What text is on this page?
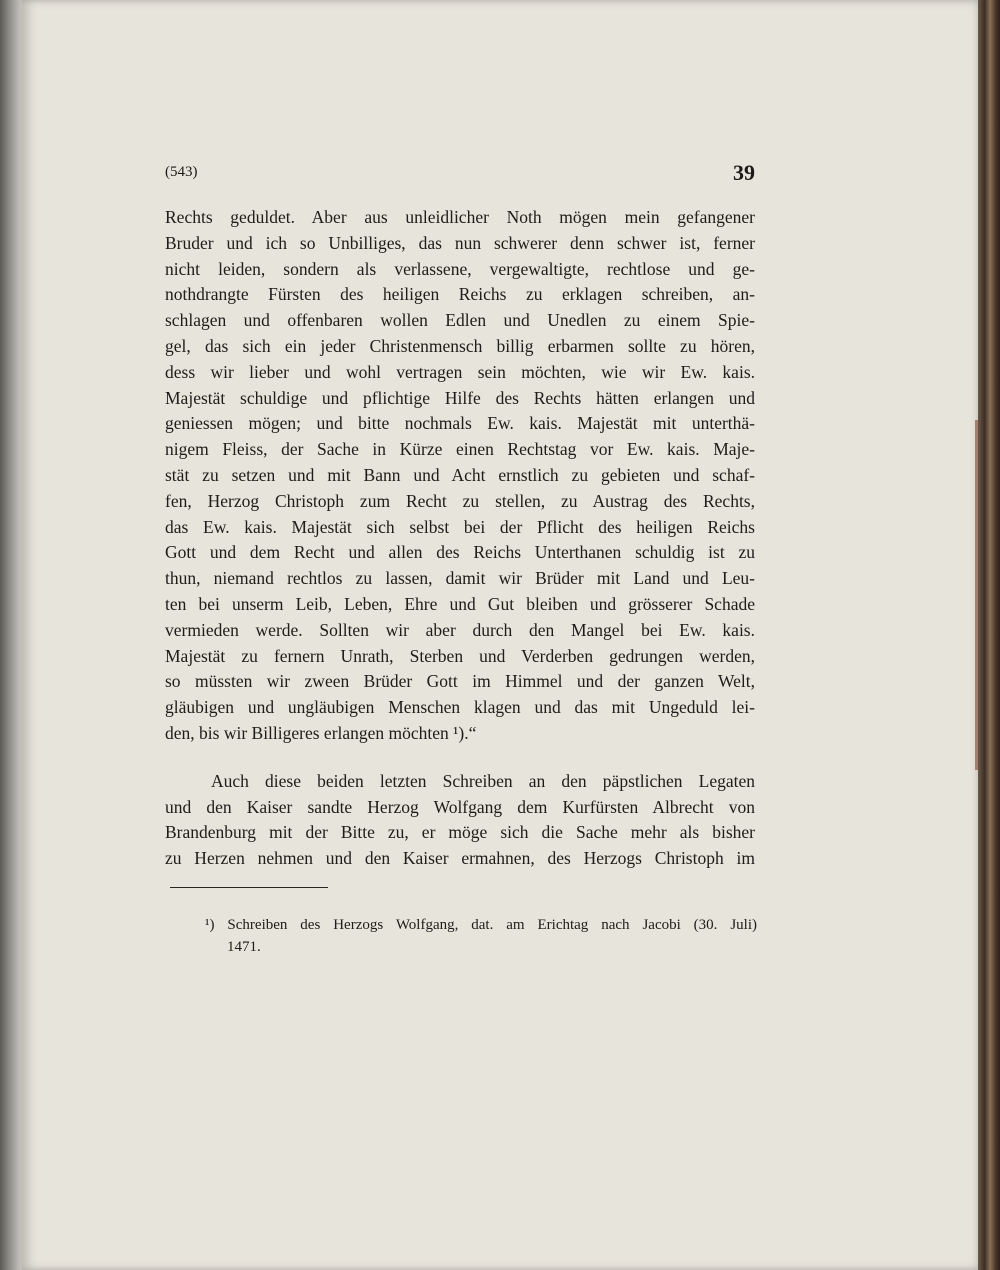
(543)	39
Rechts geduldet. Aber aus unleidlicher Noth mögen mein gefangener
Bruder und ich so Unbilliges, das nun schwerer denn schwer ist, ferner
nicht leiden, sondern als verlassene, vergewaltigte, rechtlose und ge-
nothdrangte Fürsten des heiligen Reichs zu erklagen schreiben, an-
schlagen und offenbaren wollen Edlen und Unedlen zu einem Spie-
gel, das sich ein jeder Christenmensch billig erbarmen sollte zu hören,
dess wir lieber und wohl vertragen sein möchten, wie wir Ew. kais.
Majestät schuldige und pflichtige Hilfe des Rechts hätten erlangen und
geniessen mögen; und bitte nochmals Ew. kais. Majestät mit unterthä-
nigem Fleiss, der Sache in Kürze einen Rechtstag vor Ew. kais. Maje-
stät zu setzen und mit Bann und Acht ernstlich zu gebieten und schaf-
fen, Herzog Christoph zum Recht zu stellen, zu Austrag des Rechts,
das Ew. kais. Majestät sich selbst bei der Pflicht des heiligen Reichs
Gott und dem Recht und allen des Reichs Unterthanen schuldig ist zu
thun, niemand rechtlos zu lassen, damit wir Brüder mit Land und Leu-
ten bei unserm Leib, Leben, Ehre und Gut bleiben und grösserer Schade
vermieden werde. Sollten wir aber durch den Mangel bei Ew. kais.
Majestät zu fernern Unrath, Sterben und Verderben gedrungen werden,
so müssten wir zween Brüder Gott im Himmel und der ganzen Welt,
gläubigen und ungläubigen Menschen klagen und das mit Ungeduld lei-
den, bis wir Billigeres erlangen möchten ¹).“
Auch diese beiden letzten Schreiben an den päpstlichen Legaten
und den Kaiser sandte Herzog Wolfgang dem Kurfürsten Albrecht von
Brandenburg mit der Bitte zu, er möge sich die Sache mehr als bisher
zu Herzen nehmen und den Kaiser ermahnen, des Herzogs Christoph im
¹) Schreiben des Herzogs Wolfgang, dat. am Erichtag nach Jacobi (30. Juli)
1471.
